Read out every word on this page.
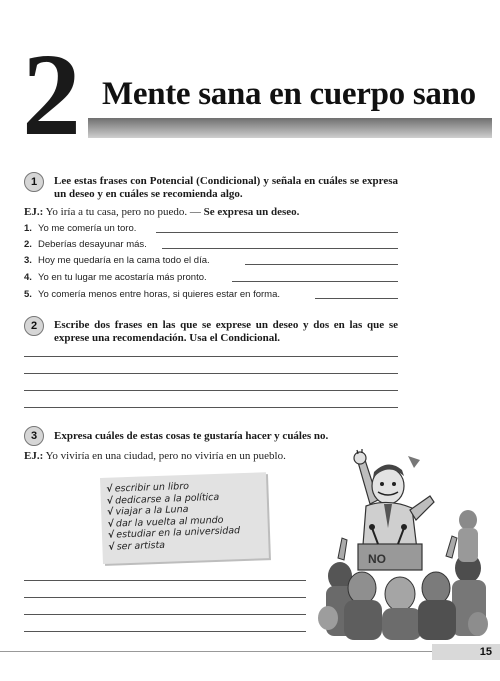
2 Mente sana en cuerpo sano
1	Lee estas frases con Potencial (Condicional) y señala en cuáles se expresa un deseo y en cuáles se recomienda algo.
EJ.: Yo iría a tu casa, pero no puedo. — Se expresa un deseo.
1. Yo me comería un toro.
2. Deberías desayunar más.
3. Hoy me quedaría en la cama todo el día.
4. Yo en tu lugar me acostaría más pronto.
5. Yo comería menos entre horas, si quieres estar en forma.
2	Escribe dos frases en las que se exprese un deseo y dos en las que se exprese una recomendación. Usa el Condicional.
3	Expresa cuáles de estas cosas te gustaría hacer y cuáles no.
EJ.: Yo viviría en una ciudad, pero no viviría en un pueblo.
√ escribir un libro
√ dedicarse a la política
√ viajar a la Luna
√ dar la vuelta al mundo
√ estudiar en la universidad
√ ser artista
NO
15
